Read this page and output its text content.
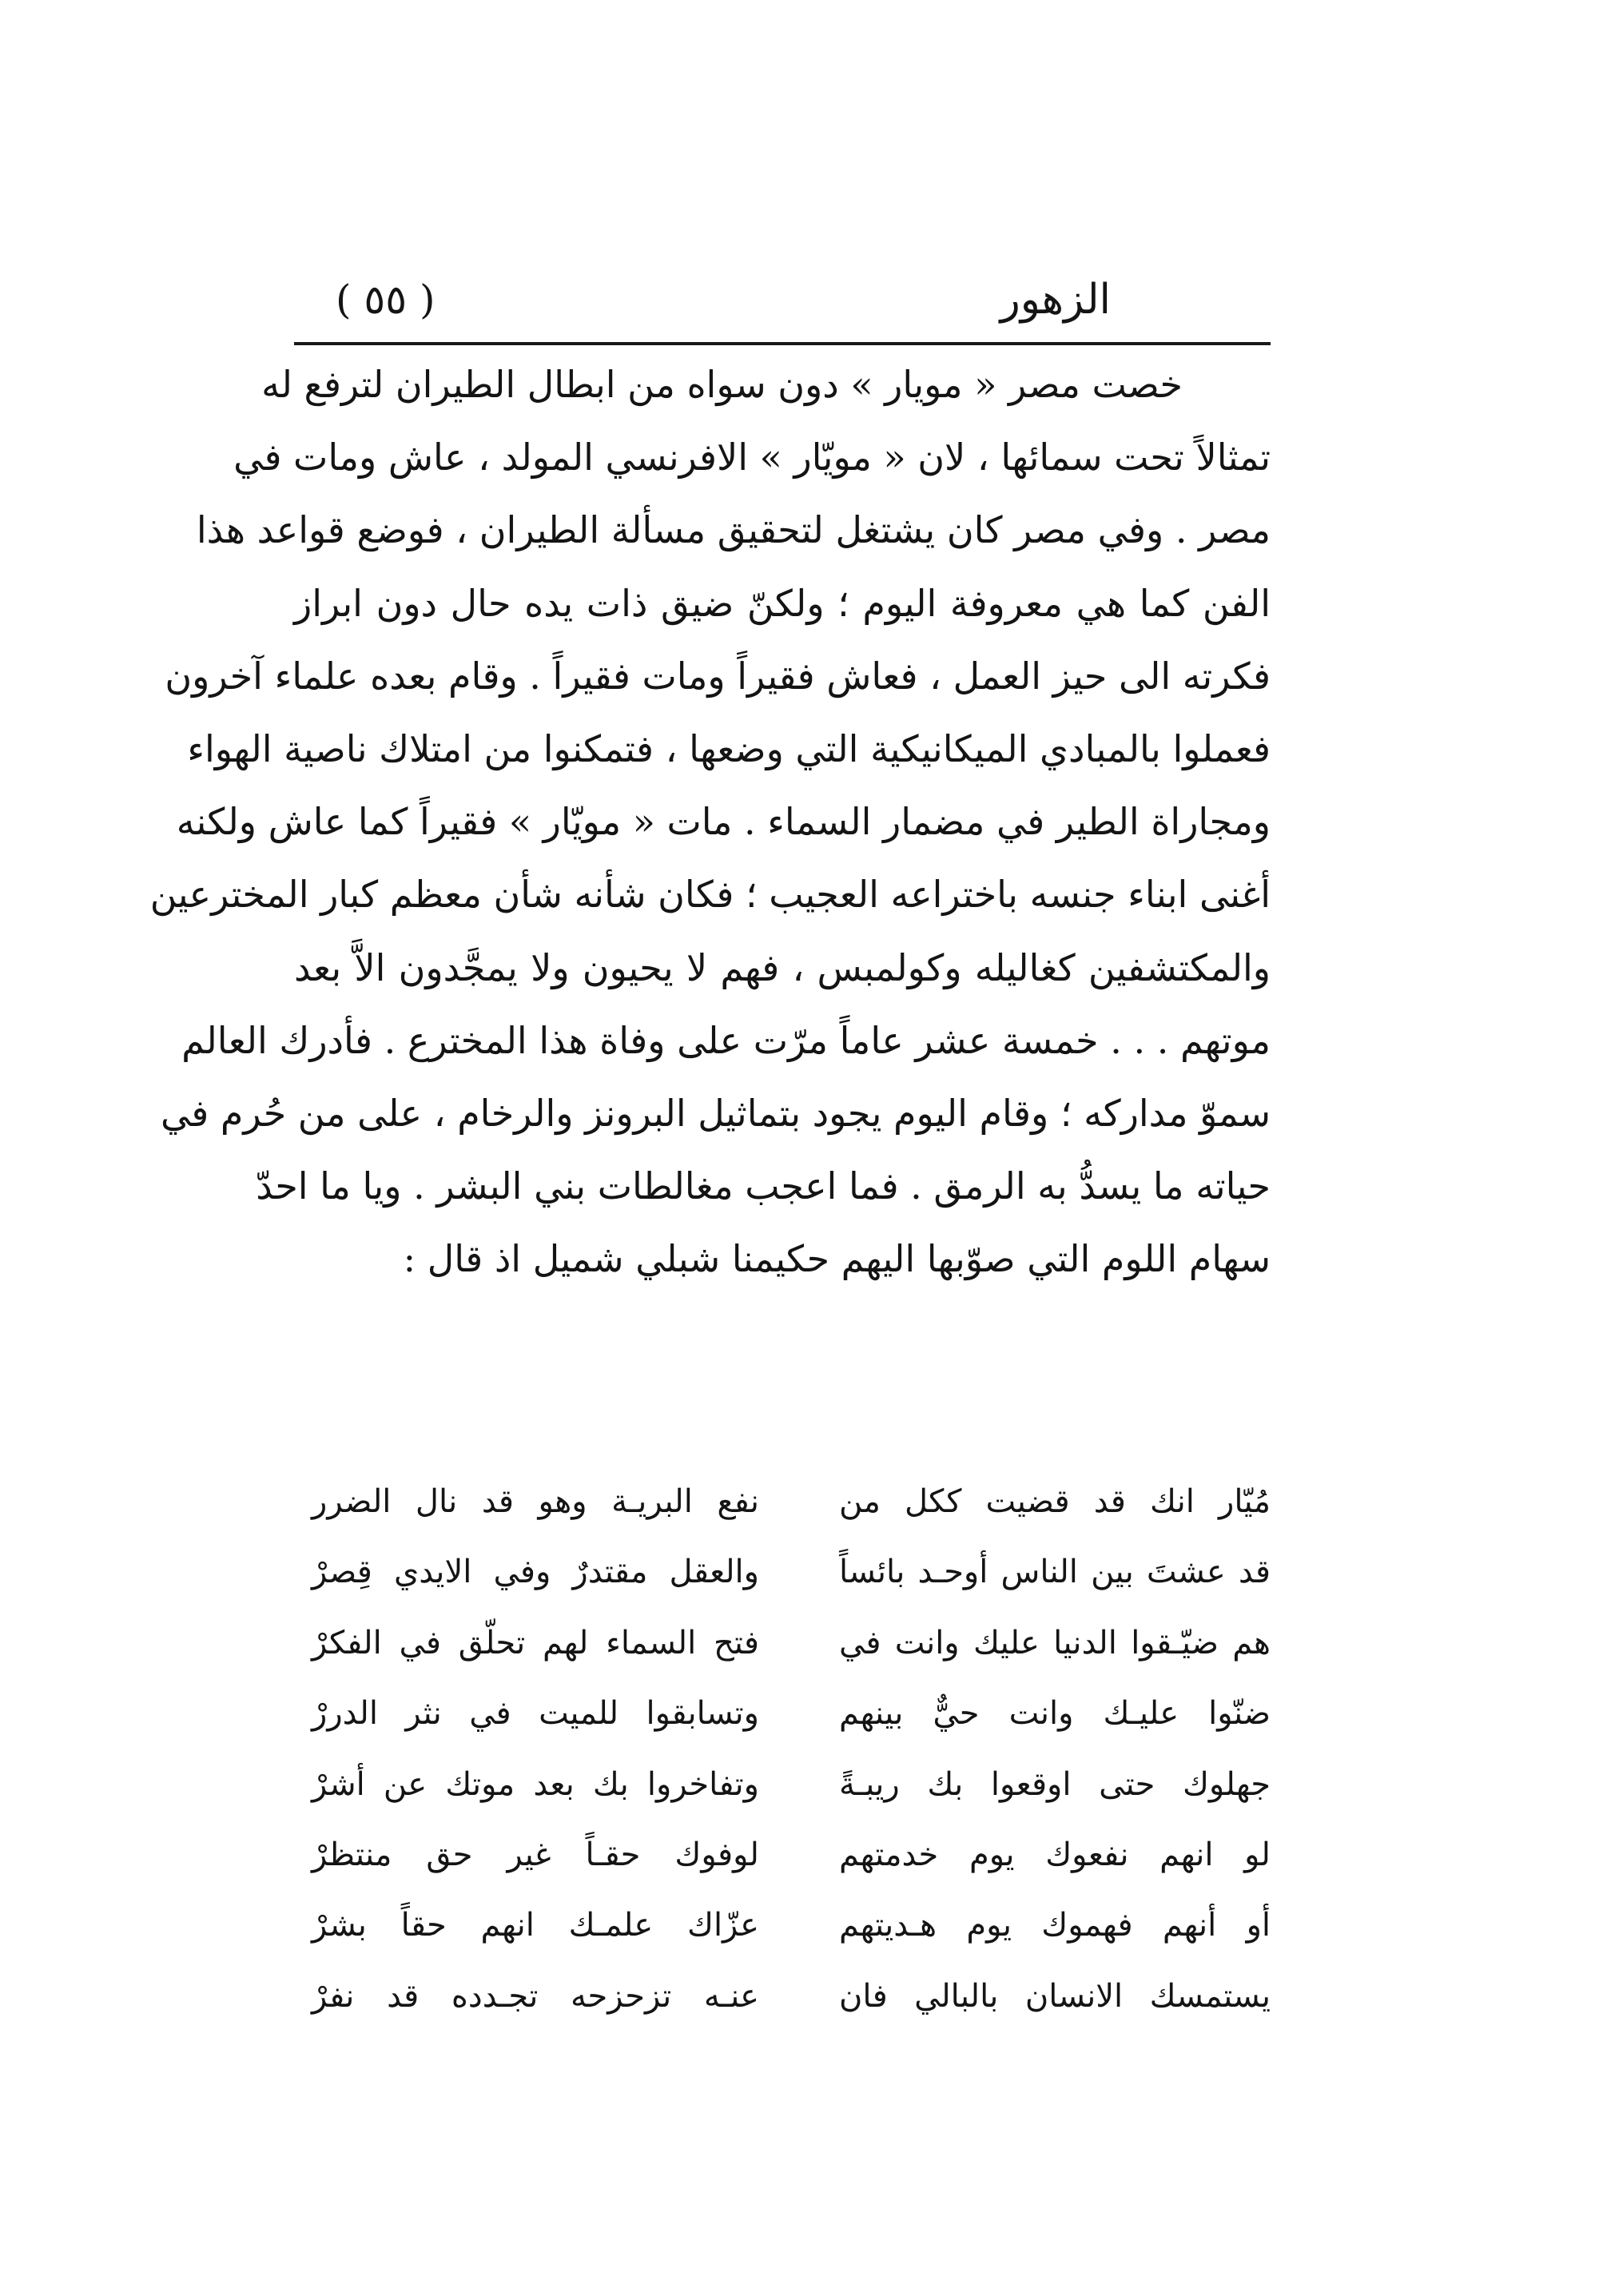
الزهور
( ٥٥ )
خصت مصر « مويار » دون سواه من ابطال الطيران لترفع له
تمثالاً تحت سمائها ، لان « مويّار » الافرنسي المولد ، عاش ومات في
مصر . وفي مصر كان يشتغل لتحقيق مسألة الطيران ، فوضع قواعد هذا
الفن كما هي معروفة اليوم ؛ ولكنّ ضيق ذات يده حال دون ابراز
فكرته الى حيز العمل ، فعاش فقيراً ومات فقيراً . وقام بعده علماء آخرون
فعملوا بالمبادي الميكانيكية التي وضعها ، فتمكنوا من امتلاك ناصية الهواء
ومجاراة الطير في مضمار السماء . مات « مويّار » فقيراً كما عاش ولكنه
أغنى ابناء جنسه باختراعه العجيب ؛ فكان شأنه شأن معظم كبار المخترعين
والمكتشفين كغاليله وكولمبس ، فهم لا يحيون ولا يمجَّدون الاَّ بعد
موتهم . . . خمسة عشر عاماً مرّت على وفاة هذا المخترع . فأدرك العالم
سموّ مداركه ؛ وقام اليوم يجود بتماثيل البرونز والرخام ، على من حُرم في
حياته ما يسدُّ به الرمق . فما اعجب مغالطات بني البشر . ويا ما احدّ
سهام اللوم التي صوّبها اليهم حكيمنا شبلي شميل اذ قال :
مُيّار انك قد قضيت ككل من
نفع البريـة وهو قد نال الضرر
قد عشتَ بين الناس أوحـد بائساً
والعقل مقتدرٌ وفي الايدي قِصرْ
هم ضيّـقوا الدنيا عليك وانت في
فتح السماء لهم تحلّق في الفكرْ
ضنّوا عليـك وانت حيٌّ بينهم
وتسابقوا للميت في نثر الدررْ
جهلوك حتى اوقعوا بك ريبـةً
وتفاخروا بك بعد موتك عن أشرْ
لو انهم نفعوك يوم خدمتهم
لوفوك حقـاً غير حق منتظرْ
أو أنهم فهموك يوم هـديتهم
عزّاك علمـك انهم حقاً بشرْ
يستمسك الانسان بالبالي فان
عنـه تزحزحه تجـدده قد نفرْ
